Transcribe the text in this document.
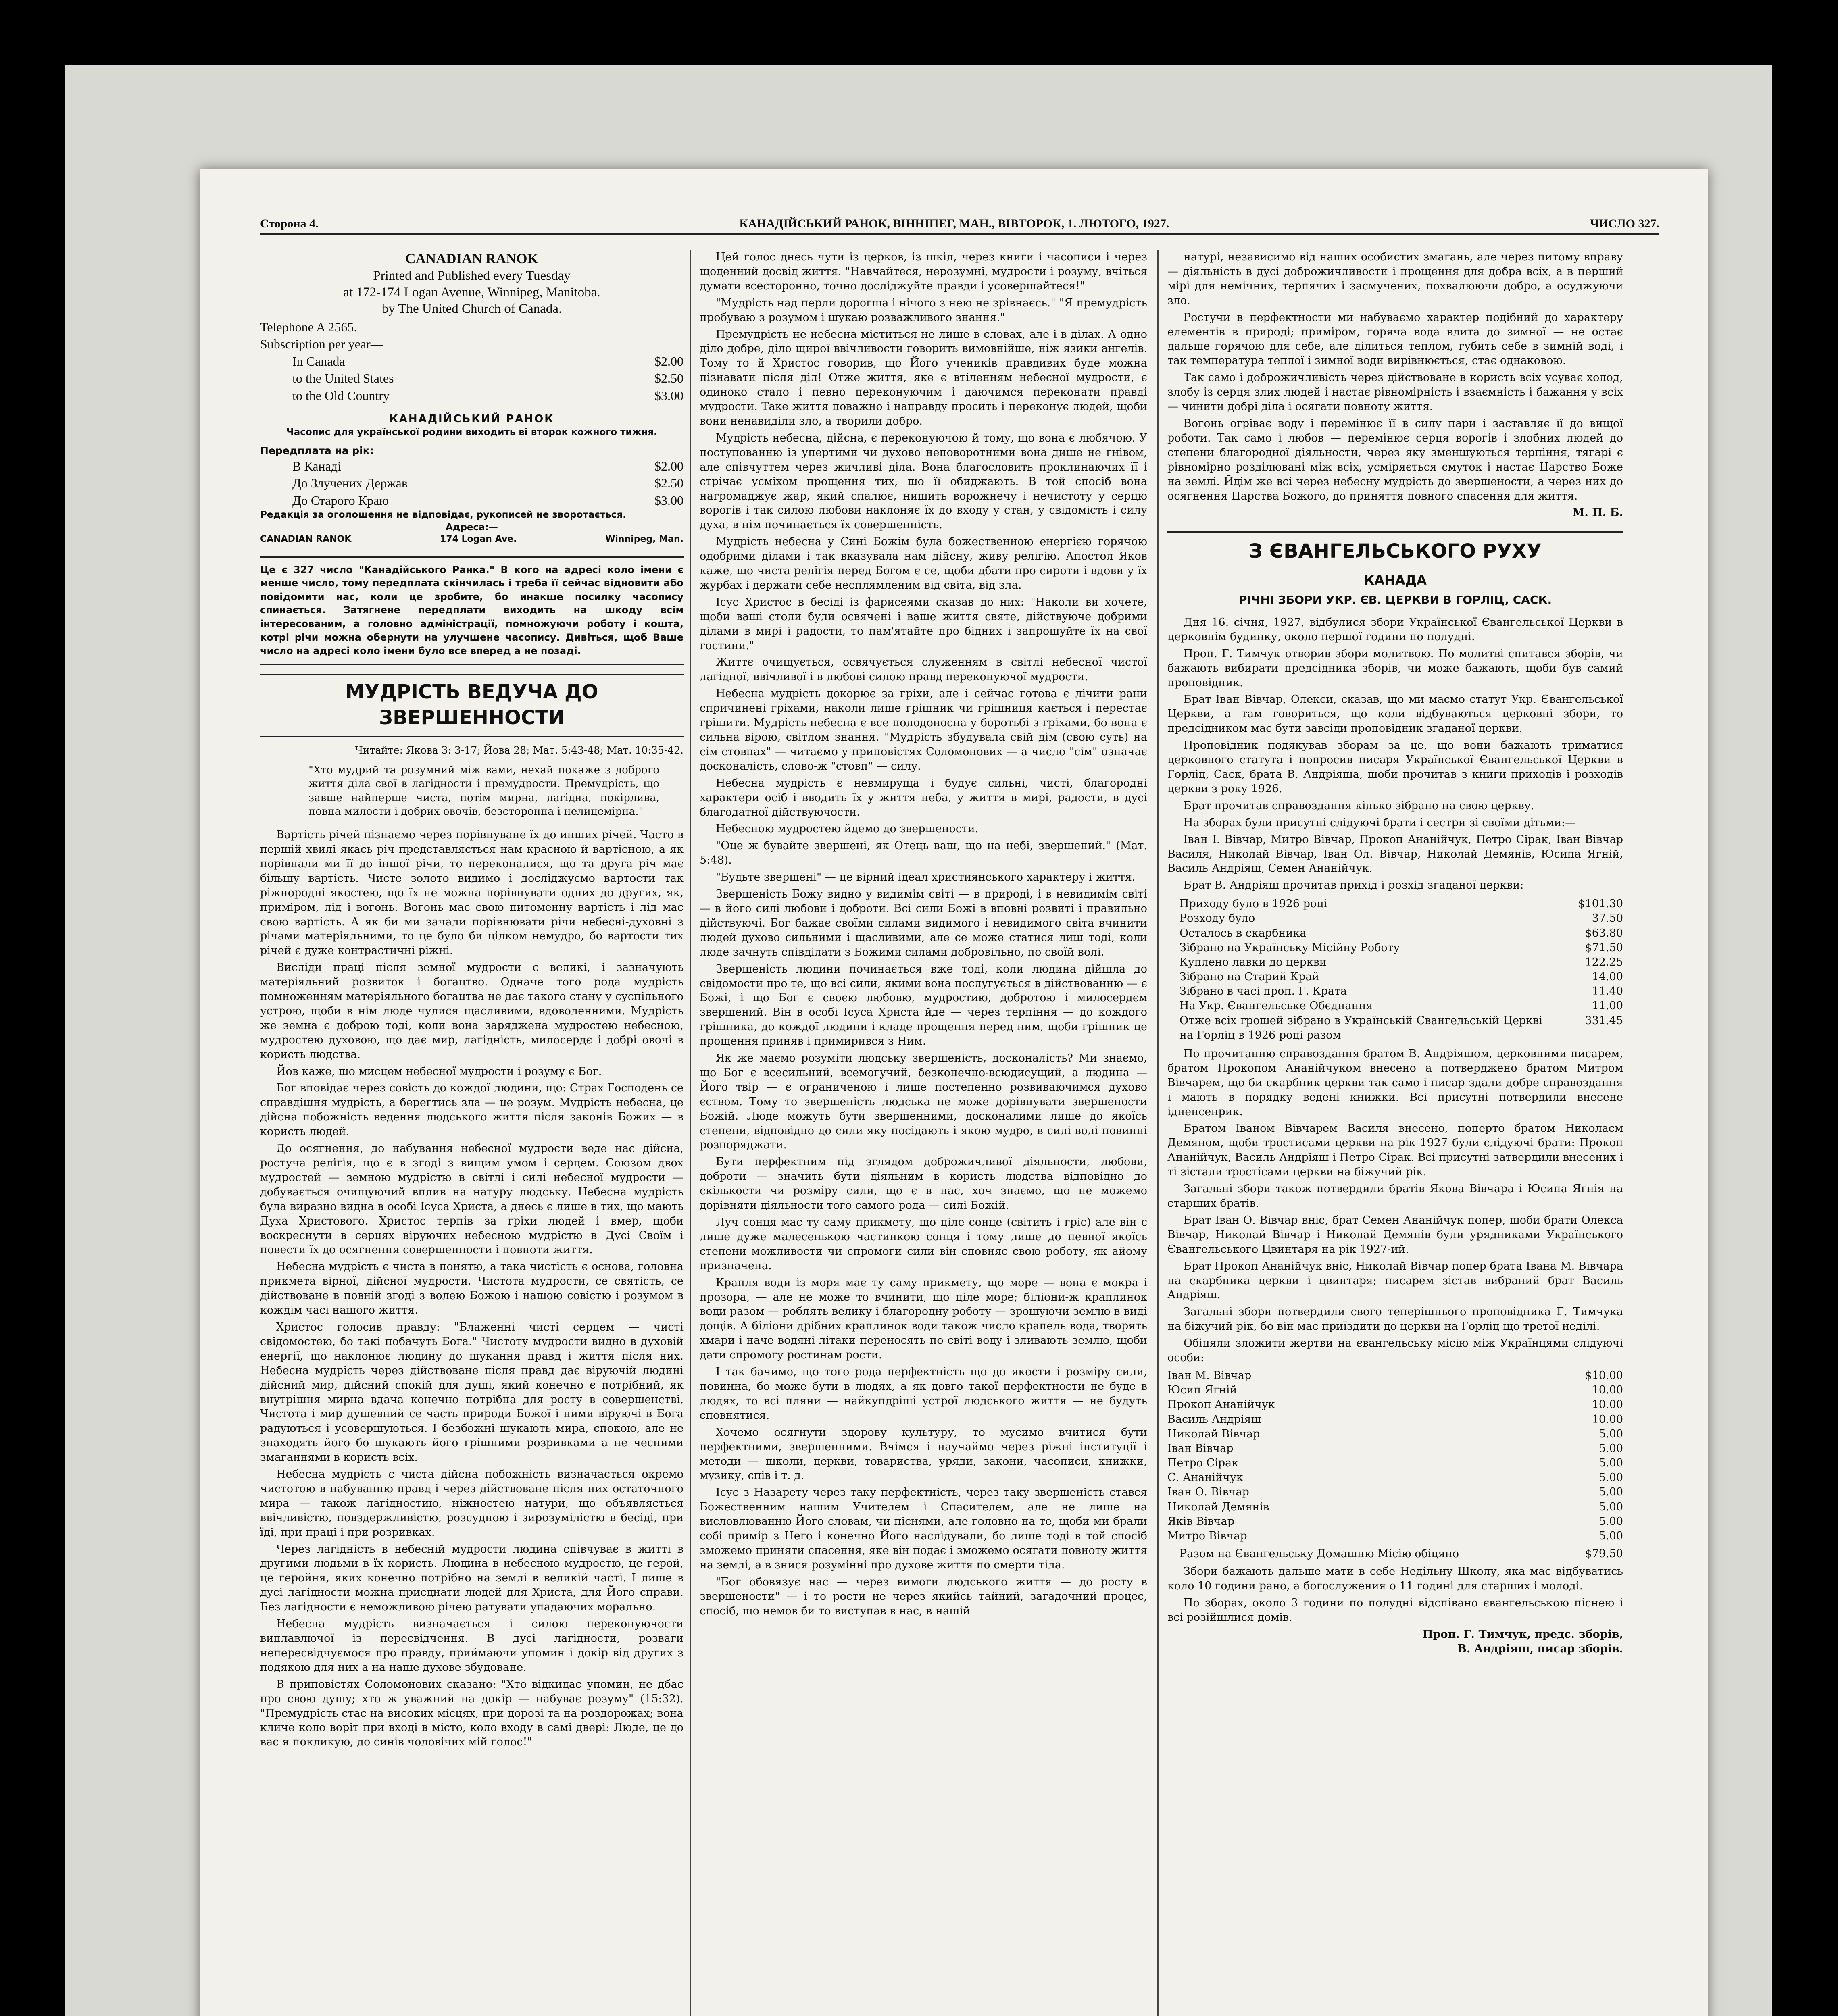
Сторона 4.	КАНАДІЙСЬКИЙ РАНОК, ВІННІПЕГ, МАН., ВІВТОРОК, 1. ЛЮТОГО, 1927.	ЧИСЛО 327.
CANADIAN RANOK
Printed and Published every Tuesday
at 172-174 Logan Avenue, Winnipeg, Manitoba.
by The United Church of Canada.
Telephone A 2565.
Subscription per year—
In Canada	$2.00
to the United States	$2.50
to the Old Country	$3.00
КАНАДІЙСЬКИЙ РАНОК
Часопис для української родини виходить ві второк кожного тижня.
Передплата на рік:
В Канаді	$2.00
До Злучених Держав	$2.50
До Старого Краю	$3.00
Редакція за оголошення не відповідає, рукописей не зворотається.
Адреса:—
CANADIAN RANOK	174 Logan Ave.	Winnipeg, Man.
Це є 327 число "Канадійського Ранка." В кого на адресі коло імени є менше число, тому передплата скінчилась і треба її сейчас відновити або повідомити нас, коли це зробите, бо инакше посилку часопису спинається. Затягнене передплати виходить на шкоду всім інтересованим, а головно адміністрації, помножуючи роботу і кошта, котрі річи можна обернути на улучшене часопису. Дивіться, щоб Ваше число на адресі коло імени було все вперед а не позаді.
МУДРІСТЬ ВЕДУЧА ДО ЗВЕРШЕННОСТИ
Читайте: Якова 3: 3-17; Йова 28; Мат. 5:43-48; Мат. 10:35-42.
"Хто мудрий та розумний між вами, нехай покаже з доброго життя діла свої в лагідности і премудрости. Премудрість, що завше найперше чиста, потім мирна, лагідна, покірлива, повна милости і добрих овочів, безсторонна і нелицемірна."

Вартість річей пізнаємо через порівнуване їх до инших річей. Часто в першій хвилі якась річ представляється нам красною й вартісною, а як порівнали ми її до іншої річи, то переконалися, що та друга річ має більшу вартість. Чисте золото видимо і досліджуємо вартости так ріжнородні якостею, що їх не можна порівнувати одних до других, як, приміром, лід і вогонь. Вогонь має свою питоменну вартість і лід має свою вартість. А як би ми зачали порівнювати річи небесні-духовні з річами матеріяльними, то це було би цілком немудро, бо вартости тих річей є дуже контрастичні ріжні.

Висліди праці після земної мудрости є великі, і зазначують матеріяльний розвиток і богацтво. Одначе того рода мудрість помноженням матеріяльного богацтва не дає такого стану у суспільного устрою, щоби в нім люде чулися щасливими, вдоволенними. Мудрість же земна є доброю тоді, коли вона заряджена мудростею небесною, мудростею духовою, що дає мир, лагідність, милосердє і добрі овочі в користь людства.

Йов каже, що мисцем небесної мудрости і розуму є Бог.

Бог вповідає через совість до кождої людини, що: Страх Господень се справдішня мудрість, а берегтись зла — це розум. Мудрість небесна, це дійсна побожність ведення людського життя після законів Божих — в користь людей.

До осягнення, до набування небесної мудрости веде нас дійсна, ростуча релігія, що є в згоді з вищим умом і серцем. Союзом двох мудростей — земною мудрістю в світлі і силі небесної мудрости — добувається очищуючий вплив на натуру людську. Небесна мудрість була виразно видна в особі Ісуса Христа, а днесь є лише в тих, що мають Духа Христового. Христос терпів за гріхи людей і вмер, щоби воскреснути в серцях віруючих небесною мудрістю в Дусі Своїм і повести їх до осягнення совершенности і повноти життя.

Небесна мудрість є чиста в понятю, а така чистість є основа, головна прикмета вірної, дійсної мудрости. Чистота мудрости, се святість, се дійствоване в повній згоді з волею Божою і нашою совістю і розумом в кождім часі нашого життя.

Христос голосив правду: "Блаженні чисті серцем — чисті свідомостею, бо такі побачуть Бога." Чистоту мудрости видно в духовій енергії, що наклонює людину до шукання правд і життя після них. Небесна мудрість через дійствоване після правд дає віруючій людині дійсний мир, дійсний спокій для душі, який конечно є потрібний, як внутрішня мирна вдача конечно потрібна для росту в совершенстві. Чистота і мир душевний се часть природи Божої і ними віруючі в Бога радуються і усовершуються. І безбожні шукають мира, спокою, але не знаходять його бо шукають його грішними розривками а не чесними змаганнями в користь всіх.

Небесна мудрість є чиста дійсна побожність визначається окремо чистотою в набуванню правд і через дійствоване після них остаточного мира — також лагідностию, ніжностею натури, що объявляється ввічливістю, повздержливістю, розсудною і зирозумілістю в бесіді, при їді, при праці і при розривках.

Через лагідність в небесній мудрости людина співчуває в житті в другими людьми в їх користь. Людина в небесною мудростю, це герой, це геройня, яких конечно потрібно на землі в великій часті. І лише в дусі лагідности можна приєднати людей для Христа, для Його справи. Без лагідности є неможливою річею ратувати упадаючих морально.

Небесна мудрість визначається і силою переконуючости виплавлючої із переєвідчення. В дусі лагідности, розваги непересвідчуємося про правду, приймаючи упомин і докір від других з подякою для них а на наше духове збудоване.

В приповістях Соломонових сказано: "Хто відкидає упомин, не дбає про свою душу; хто ж уважний на докір — набуває розуму" (15:32). "Премудрість стає на високих місцях, при дорозі та на роздорожах; вона кличе коло воріт при вході в місто, коло входу в самі двері: Люде, це до вас я покликую, до синів чоловічих мій голос!"

Цей голос днесь чути із церков, із шкіл, через книги і часописи і через щоденний досвід життя. "Навчайтеся, нерозумні, мудрости і розуму, вчіться думати всесторонно, точно досліджуйте правди і усовершайтеся!"

"Мудрість над перли дорогша і нічого з нею не зрівнаєсь." "Я премудрість пробуваю з розумом і шукаю розважливого знання."

Премудрість не небесна міститься не лише в словах, але і в ділах. А одно діло добре, діло щирої ввічливости говорить вимовнійше, ніж язики ангелів. Тому то й Христос говорив, що Його учеників правдивих буде можна пізнавати після діл! Отже життя, яке є втіленням небесної мудрости, є одиноко стало і певно переконуючим і даючимся переконати правді мудрости. Таке життя поважно і направду просить і переконує людей, щоби вони ненавиділи зло, а творили добро.

Мудрість небесна, дійсна, є переконуючою й тому, що вона є любячою. У поступованню із упертими чи духово неповоротними вона дише не гнівом, але співчуттем через жичливі діла. Вона благословить проклинаючих її і стрічає усміхом прощення тих, що її обиджають. В той спосіб вона нагромаджує жар, який спалює, нищить ворожнечу і нечистоту у серцю ворогів і так силою любови наклоняє їх до входу у стан, у свідомість і силу духа, в нім починається їх совершенність.

Мудрість небесна у Сині Божім була божественною енергією горячою одобрими ділами і так вказувала нам дійсну, живу релігію. Апостол Яков каже, що чиста релігія перед Богом є се, щоби дбати про сироти і вдови у їх журбах і держати себе несплямленим від світа, від зла.

Ісус Христос в бесіді із фарисеями сказав до них: "Наколи ви хочете, щоби ваші столи були освячені і ваше життя святе, дійствуюче добрими ділами в мирі і радости, то пам'ятайте про бідних і запрошуйте їх на свої гостини."

Життє очищується, освячується служенням в світлі небесної чистої лагідної, ввічливої і в любові силою правд переконуючої мудрости.

Небесна мудрість докорює за гріхи, але і сейчас готова є лічити рани спричинені гріхами, наколи лише грішник чи грішниця кається і перестає грішити. Мудрість небесна є все полодоносна у боротьбі з гріхами, бо вона є сильна вірою, світлом знання. "Мудрість збудувала свій дім (свою суть) на сім стовпах" — читаємо у приповістях Соломонових — а число "сім" означає досконалість, слово-ж "стовп" — силу.

Небесна мудрість є невмируща і будує сильні, чисті, благородні характери осіб і вводить їх у життя неба, у життя в мирі, радости, в дусі благодатної дійствуючости.

Небесною мудростею йдемо до звершености.

"Оце ж бувайте звершені, як Отець ваш, що на небі, звершений." (Мат. 5:48).

"Будьте звершені" — це вірний ідеал християнського характеру і життя.

Звершеність Божу видно у видимім світі — в природі, і в невидимім світі — в його силі любови і доброти. Всі сили Божі в вповні розвиті і правильно дійствуючі. Бог бажає своїми силами видимого і невидимого світа вчинити людей духово сильними і щасливими, але се може статися лиш тоді, коли люде зачнуть співділати з Божими силами добровільно, по своїй волі.

Звершеність людини починається вже тоді, коли людина дійшла до свідомости про те, що всі сили, якими вона послугується в дійствованню — є Божі, і що Бог є своєю любовю, мудростию, добротою і милосердєм звершений. Він в особі Ісуса Христа йде — через терпіння — до кождого грішника, до кождої людини і кладе прощення перед ним, щоби грішник це прощення приняв і примирився з Ним.

Як же маємо розуміти людську звершеність, досконалість? Ми знаємо, що Бог є всесильний, всемогучий, безконечно-всюдисущий, а людина — Його твір — є ограниченою і лише постепенно розвиваючимся духово єством. Тому то звершеність людська не може дорівнувати звершености Божій. Люде можуть бути звершенними, досконалими лише до якоїсь степени, відповідно до сили яку посідають і якою мудро, в силі волі повинні розпоряджати.

Бути перфектним під зглядом доброжичливої діяльности, любови, доброти — значить бути діяльним в користь людства відповідно до скількости чи розміру сили, що є в нас, хоч знаємо, що не можемо дорівняти діяльности того самого рода — силі Божій.

Луч сонця має ту саму прикмету, що ціле сонце (світить і гріє) але він є лише дуже малесенькою частинкою сонця і тому лише до певної якоїсь степени можливости чи спромоги сили він сповняє свою роботу, як айому призначена.

Крапля води із моря має ту саму прикмету, що море — вона є мокра і прозора, — але не може то вчинити, що ціле море; біліони-ж краплинок води разом — роблять велику і благородну роботу — зрошуючи землю в виді дощів. А біліони дрібних краплинок води також число крапель вода, творять хмари і наче водяні літаки переносять по світі воду і зливають землю, щоби дати спромогу ростинам рости.

І так бачимо, що того рода перфектність що до якости і розміру сили, повинна, бо може бути в людях, а як довго такої перфектности не буде в людях, то всі пляни — найкупдріші устрої людського життя — не будуть сповнятися.

Хочемо осягнути здорову культуру, то мусимо вчитися бути перфектними, звершенними. Вчімся і научаймо через ріжні інституції і методи — школи, церкви, товариства, уряди, закони, часописи, книжки, музику, спів і т. д.

Ісус з Назарету через таку перфектність, через таку звершеність стався Божественним нашим Учителем і Спасителем, але не лише на висловлюванню Його словам, чи піснями, але головно на те, щоби ми брали собі примір з Него і конечно Його наслідували, бо лише тоді в той спосіб зможемо приняти спасення, яке він подає і зможемо осягати повноту життя на землі, а в знися розумінні про духове життя по смерти тіла.

"Бог обовязує нас — через вимоги людського життя — до росту в звершености" — і то рости не через якийсь тайний, загадочний процес, спосіб, що немов би то виступав в нас, в нашій

натурі, независимо від наших особистих змагань, але через питому вправу — діяльність в дусі доброжичливости і прощення для добра всіх, а в перший мірі для немічних, терпячих і засмучених, похвалюючи добро, а осуджуючи зло.

Ростучи в перфектности ми набуваємо характер подібний до характеру елементів в природі; приміром, горяча вода влита до зимної — не остає дальше горячою для себе, але ділиться теплом, губить себе в зимній воді, і так температура теплої і зимної води вирівнюється, стає однаковою.

Так само і доброжичливість через дійствоване в користь всіх усуває холод, злобу із серця злих людей і настає рівномірність і взаємність і бажання у всіх — чинити добрі діла і осягати повноту життя.

Вогонь огріває воду і перемінює її в силу пари і заставляє її до вищої роботи. Так само і любов — перемінює серця ворогів і злобних людей до степени благородної діяльности, через яку зменшуються терпіння, тягарі є рівномірно розділювані між всіх, усміряється смуток і настає Царство Боже на землі. Йдім же всі через небесну мудрість до звершености, а через них до осягнення Царства Божого, до приняття повного спасення для життя.

М. П. Б.
З ЄВАНГЕЛЬСЬКОГО РУХУ
КАНАДА
РІЧНІ ЗБОРИ УКР. ЄВ. ЦЕРКВИ В ГОРЛІЦ, САСК.

Дня 16. січня, 1927, відбулися збори Української Євангельської Церкви в церковнім будинку, около першої години по полудні.

Проп. Г. Тимчук отворив збори молитвою. По молитві спитався зборів, чи бажають вибирати предсідника зборів, чи може бажають, щоби був самий проповідник.

Брат Іван Вівчар, Олекси, сказав, що ми маємо статут Укр. Євангельської Церкви, а там говориться, що коли відбуваються церковні збори, то предсідником має бути завсіди проповідник згаданої церкви.

Проповідник подякував зборам за це, що вони бажають триматися церковного статута і попросив писаря Української Євангельської Церкви в Горліц, Саск, брата В. Андріяша, щоби прочитав з книги приходів і розходів церкви з року 1926.

Брат прочитав справоздання кілько зібрано на свою церкву.

На зборах були присутні слідуючі брати і сестри зі своїми дітьми:—

Іван І. Вівчар, Митро Вівчар, Прокоп Ананійчук, Петро Сірак, Іван Вівчар Василя, Николай Вівчар, Іван Ол. Вівчар, Николай Демянів, Юсипа Ягній, Василь Андріяш, Семен Ананійчук.

Брат В. Андріяш прочитав прихід і розхід згаданої церкви:

Приходу було в 1926 році	$101.30
Розходу було	37.50
Осталось в скарбника	$63.80
Зібрано на Українську Місійну Роботу	$71.50
Куплено лавки до церкви	122.25
Зібрано на Старий Край	14.00
Зібрано в часі проп. Г. Крата	11.40
На Укр. Євангельське Обєднання	11.00
Отже всіх грошей зібрано в Українській Євангельській Церкві на Горліц в 1926 році разом
331.45

По прочитанню справоздання братом В. Андріяшом, церковними писарем, братом Прокопом Ананійчуком внесено а потверджено братом Митром Вівчарем, що би скарбник церкви так само і писар здали добре справоздання і мають в порядку ведені книжки. Всі присутні потвердили внесене ідненсенрик.

Братом Іваном Вівчарем Василя внесено, поперто братом Николаєм Демяном, щоби тростисами церкви на рік 1927 були слідуючі брати: Прокоп Ананійчук, Василь Андріяш і Петро Сірак. Всі присутні затвердили внесених і ті зістали тростісами церкви на біжучий рік.

Загальні збори також потвердили братів Якова Вівчара і Юсипа Ягнія на старших братів.

Брат Іван О. Вівчар вніс, брат Семен Ананійчук попер, щоби брати Олекса Вівчар, Николай Вівчар і Николай Демянів були урядниками Українського Євангельського Цвинтаря на рік 1927-ий.

Брат Прокоп Ананійчук вніс, Николай Вівчар попер брата Івана М. Вівчара на скарбника церкви і цвинтаря; писарем зістав вибраний брат Василь Андріяш.

Загальні збори потвердили свого теперішнього проповідника Г. Тимчука на біжучий рік, бо він має приїздити до церкви на Горліц що третої неділі.

Обіцяли зложити жертви на євангельську місію між Українцями слідуючі особи:

Іван М. Вівчар	$10.00
Юсип Ягній	10.00
Прокоп Ананійчук	10.00
Василь Андріяш	10.00
Николай Вівчар	5.00
Іван Вівчар	5.00
Петро Сірак	5.00
С. Ананійчук	5.00
Іван О. Вівчар	5.00
Николай Демянів	5.00
Яків Вівчар	5.00
Митро Вівчар	5.00
Разом на Євангельську Домашню Місію обіцяно	$79.50

Збори бажають дальше мати в себе Недільну Школу, яка має відбуватись коло 10 години рано, а богослужения о 11 годині для старших і молоді.

По зборах, около 3 години по полудні відспівано євангельською піснею і всі розійшлися домів.

Проп. Г. Тимчук, предс. зборів,
В. Андріяш, писар зборів.
